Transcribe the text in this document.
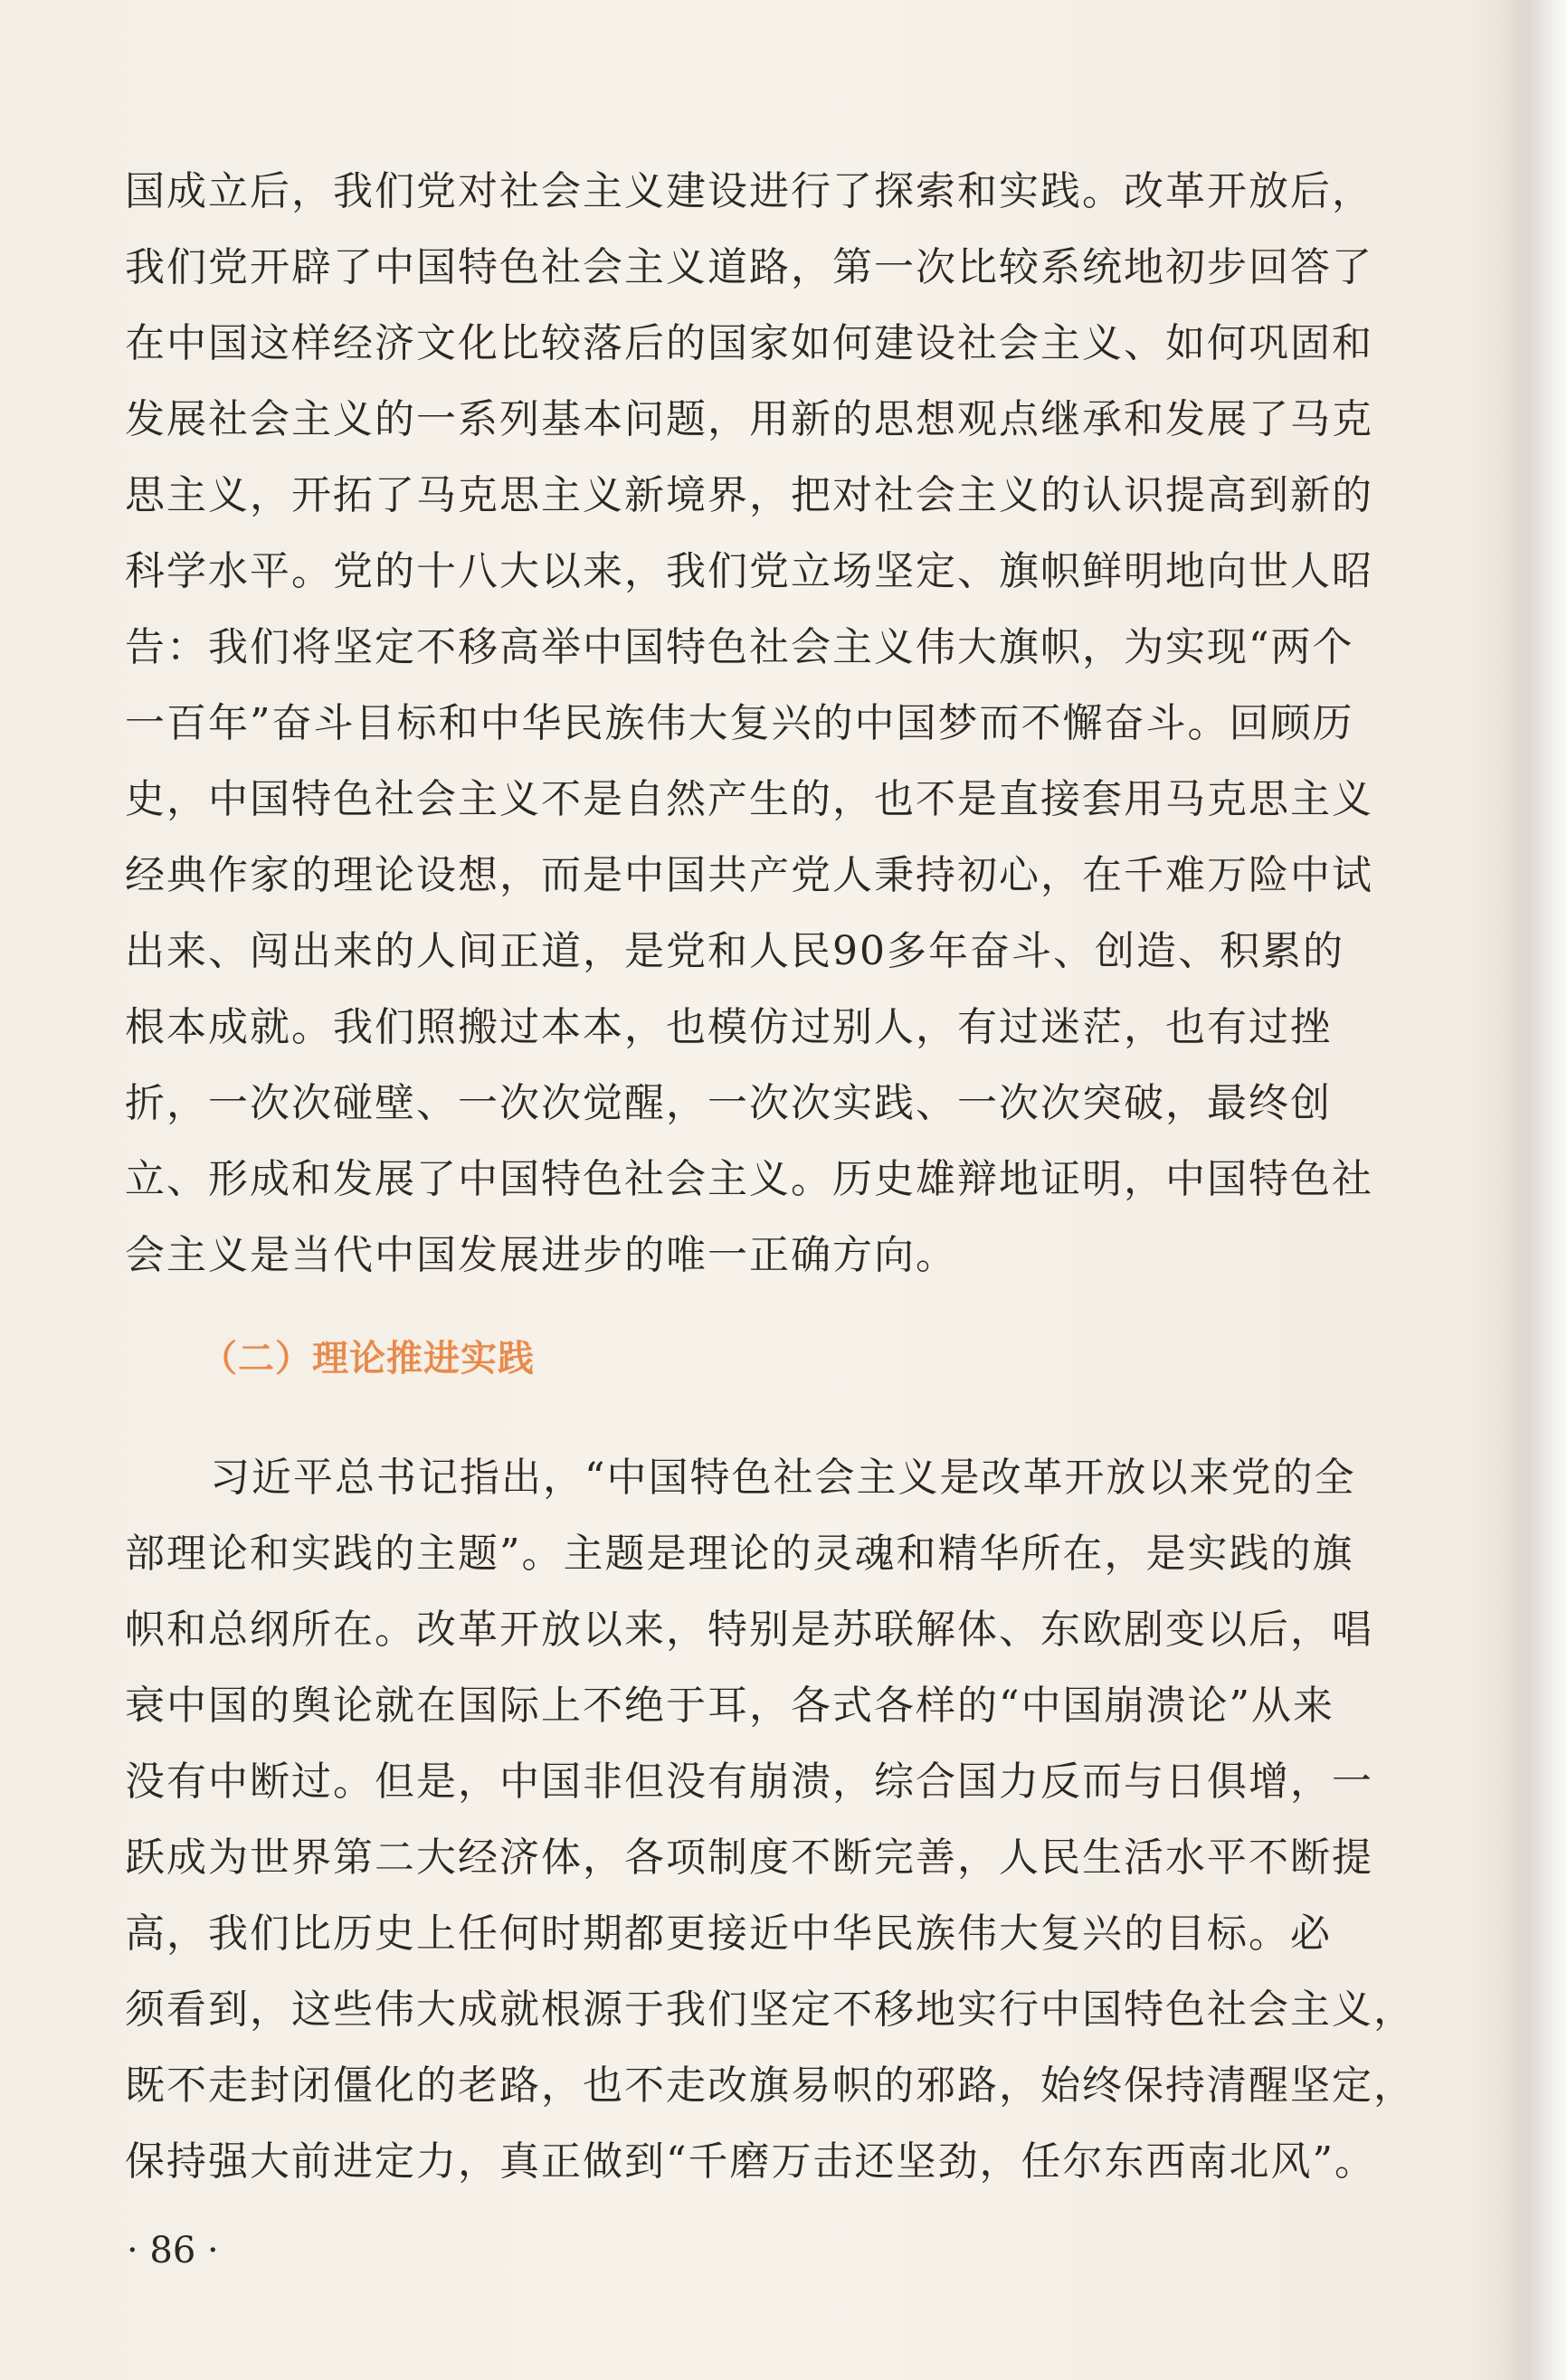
国成立后，我们党对社会主义建设进行了探索和实践。改革开放后，
我们党开辟了中国特色社会主义道路，第一次比较系统地初步回答了
在中国这样经济文化比较落后的国家如何建设社会主义、如何巩固和
发展社会主义的一系列基本问题，用新的思想观点继承和发展了马克
思主义，开拓了马克思主义新境界，把对社会主义的认识提高到新的
科学水平。党的十八大以来，我们党立场坚定、旗帜鲜明地向世人昭
告：我们将坚定不移高举中国特色社会主义伟大旗帜，为实现“两个
一百年”奋斗目标和中华民族伟大复兴的中国梦而不懈奋斗。回顾历
史，中国特色社会主义不是自然产生的，也不是直接套用马克思主义
经典作家的理论设想，而是中国共产党人秉持初心，在千难万险中试
出来、闯出来的人间正道，是党和人民90多年奋斗、创造、积累的
根本成就。我们照搬过本本，也模仿过别人，有过迷茫，也有过挫
折，一次次碰壁、一次次觉醒，一次次实践、一次次突破，最终创
立、形成和发展了中国特色社会主义。历史雄辩地证明，中国特色社
会主义是当代中国发展进步的唯一正确方向。
（二）理论推进实践
习近平总书记指出，“中国特色社会主义是改革开放以来党的全
部理论和实践的主题”。主题是理论的灵魂和精华所在，是实践的旗
帜和总纲所在。改革开放以来，特别是苏联解体、东欧剧变以后，唱
衰中国的舆论就在国际上不绝于耳，各式各样的“中国崩溃论”从来
没有中断过。但是，中国非但没有崩溃，综合国力反而与日俱增，一
跃成为世界第二大经济体，各项制度不断完善，人民生活水平不断提
高，我们比历史上任何时期都更接近中华民族伟大复兴的目标。必
须看到，这些伟大成就根源于我们坚定不移地实行中国特色社会主义，
既不走封闭僵化的老路，也不走改旗易帜的邪路，始终保持清醒坚定，
保持强大前进定力，真正做到“千磨万击还坚劲，任尔东西南北风”。
· 86 ·
